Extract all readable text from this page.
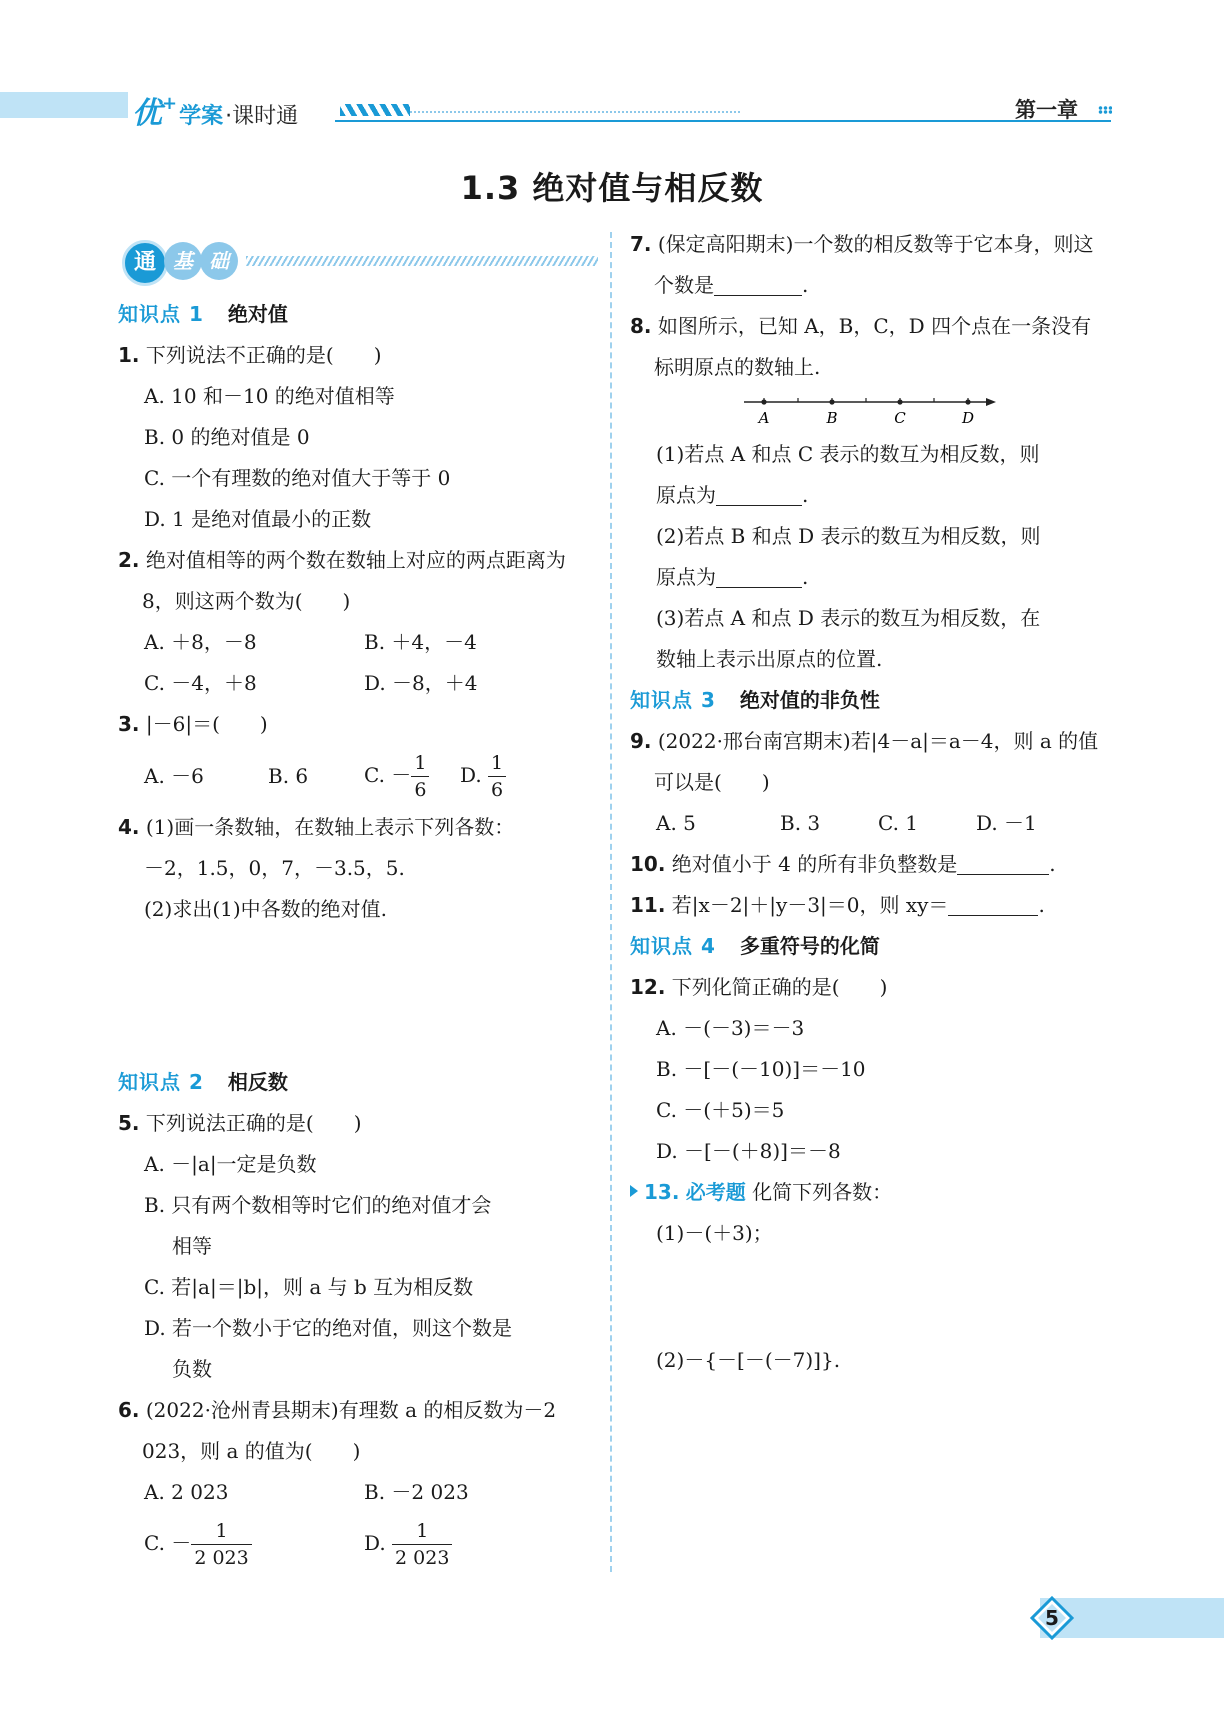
优+学案·课时通	第一章
1.3 绝对值与相反数
通 基 础
知识点 1 绝对值
1. 下列说法不正确的是( )
A. 10 和－10 的绝对值相等
B. 0 的绝对值是 0
C. 一个有理数的绝对值大于等于 0
D. 1 是绝对值最小的正数
2. 绝对值相等的两个数在数轴上对应的两点距离为 8，则这两个数为( )
A. ＋8，－8	B. ＋4，－4
C. －4，＋8	D. －8，＋4
3. |－6|＝( )
A. －6	B. 6	C. － $\frac{1}{6} D$. $\frac{1}{6}$
4. (1)画一条数轴，在数轴上表示下列各数：
－2，1.5，0，7，－3.5，5.
(2)求出(1)中各数的绝对值.
知识点 2 相反数
5. 下列说法正确的是( )
A. －|a|一定是负数
B. 只有两个数相等时它们的绝对值才会
相等
C. 若|a|＝|b|，则 a 与 b 互为相反数
D. 若一个数小于它的绝对值，则这个数是
负数
6. (2022·沧州青县期末)有理数 a 的相反数为－2 023，则 a 的值为( )
A. 2 023	B. －2 023
C. － $\frac{1}{2 023}$	D. $\frac{1}{2 023}$
7. (保定高阳期末)一个数的相反数等于它本身，则这个数是	.
8. 如图所示，已知 A，B，C，D 四个点在一条没有标明原点的数轴上.
A	B	C	D
(1)若点 A 和点 C 表示的数互为相反数，则
原点为	.
(2)若点 B 和点 D 表示的数互为相反数，则
原点为	.
(3)若点 A 和点 D 表示的数互为相反数，在
数轴上表示出原点的位置.
知识点 3 绝对值的非负性
9. (2022·邢台南宫期末)若|4－a|＝a－4，则 a 的值可以是( )
A. 5	B. 3	C. 1	D. －1
10. 绝对值小于 4 的所有非负整数是	.
11. 若|x－2|＋|y－3|＝0，则 xy＝	.
知识点 4 多重符号的化简
12. 下列化简正确的是( )
A. －(－3)＝－3
B. －[－(－10)]＝－10
C. －(＋5)＝5
D. －[－(＋8)]＝－8
13. 必考题 化简下列各数：
(1)－(＋3)；
(2)－{－[－(－7)]}.
5
